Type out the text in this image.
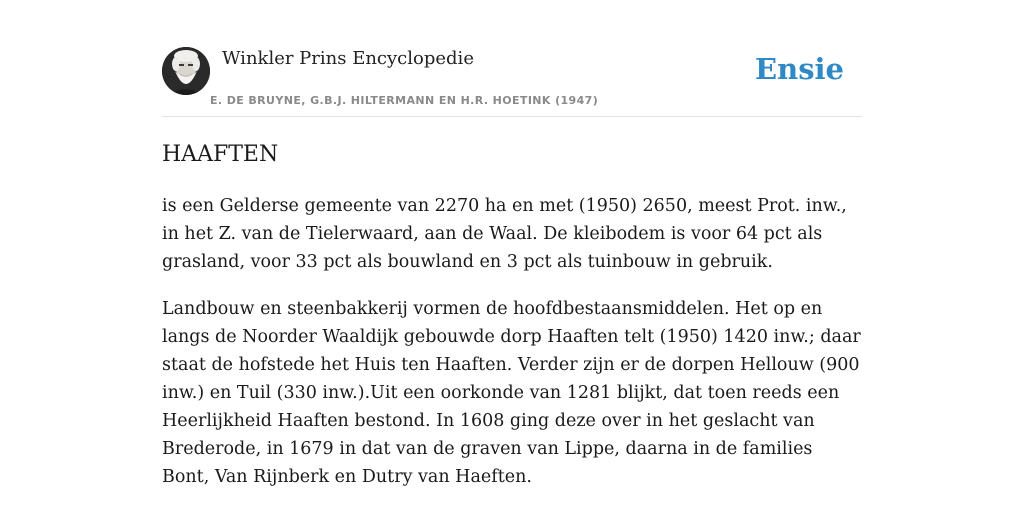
Winkler Prins Encyclopedie
E. DE BRUYNE, G.B.J. HILTERMANN EN H.R. HOETINK (1947)
Ensie
HAAFTEN

is een Gelderse gemeente van 2270 ha en met (1950) 2650, meest Prot. inw., in het Z. van de Tielerwaard, aan de Waal. De kleibodem is voor 64 pct als grasland, voor 33 pct als bouwland en 3 pct als tuinbouw in gebruik.

Landbouw en steenbakkerij vormen de hoofdbestaansmiddelen. Het op en langs de Noorder Waaldijk gebouwde dorp Haaften telt (1950) 1420 inw.; daar staat de hofstede het Huis ten Haaften. Verder zijn er de dorpen Hellouw (900 inw.) en Tuil (330 inw.).Uit een oorkonde van 1281 blijkt, dat toen reeds een Heerlijkheid Haaften bestond. In 1608 ging deze over in het geslacht van Brederode, in 1679 in dat van de graven van Lippe, daarna in de families Bont, Van Rijnberk en Dutry van Haeften.
